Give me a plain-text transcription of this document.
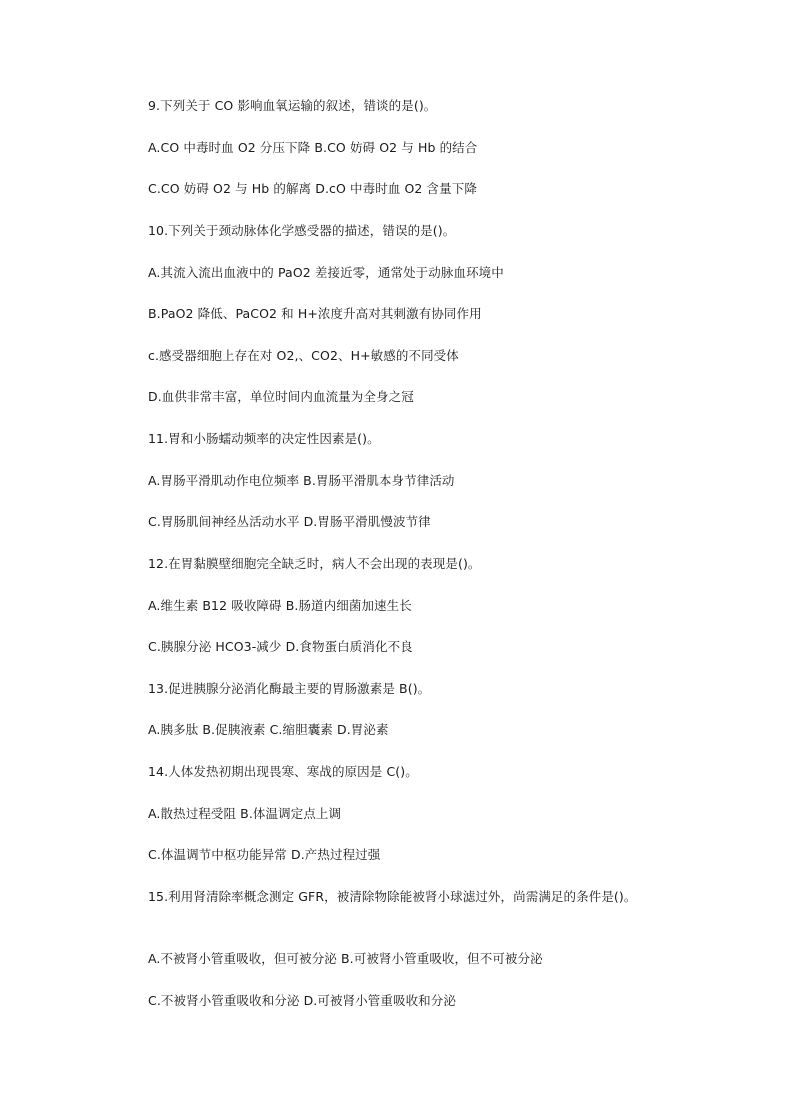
9.下列关于 CO 影响血氧运输的叙述，错谈的是()。
A.CO 中毒时血 O2 分压下降 B.CO 妨碍 O2 与 Hb 的结合
C.CO 妨碍 O2 与 Hb 的解离 D.cO 中毒时血 O2 含量下降
10.下列关于颈动脉体化学感受器的描述，错误的是()。
A.其流入流出血液中的 PaO2 差接近零，通常处于动脉血环境中
B.PaO2 降低、PaCO2 和 H+浓度升高对其刺激有协同作用
c.感受器细胞上存在对 O2,、CO2、H+敏感的不同受体
D.血供非常丰富，单位时间内血流量为全身之冠
11.胃和小肠蠕动频率的决定性因素是()。
A.胃肠平滑肌动作电位频率 B.胃肠平滑肌本身节律活动
C.胃肠肌间神经丛活动水平 D.胃肠平滑肌慢波节律
12.在胃黏膜壁细胞完全缺乏时，病人不会出现的表现是()。
A.维生素 B12 吸收障碍 B.肠道内细菌加速生长
C.胰腺分泌 HCO3-减少 D.食物蛋白质消化不良
13.促进胰腺分泌消化酶最主要的胃肠激素是 B()。
A.胰多肽 B.促胰液素 C.缩胆囊素 D.胃泌素
14.人体发热初期出现畏寒、寒战的原因是 C()。
A.散热过程受阻 B.体温调定点上调
C.体温调节中枢功能异常 D.产热过程过强
15.利用肾清除率概念测定 GFR，被清除物除能被肾小球滤过外，尚需满足的条件是()。
A.不被肾小管重吸收，但可被分泌 B.可被肾小管重吸收，但不可被分泌
C.不被肾小管重吸收和分泌 D.可被肾小管重吸收和分泌
